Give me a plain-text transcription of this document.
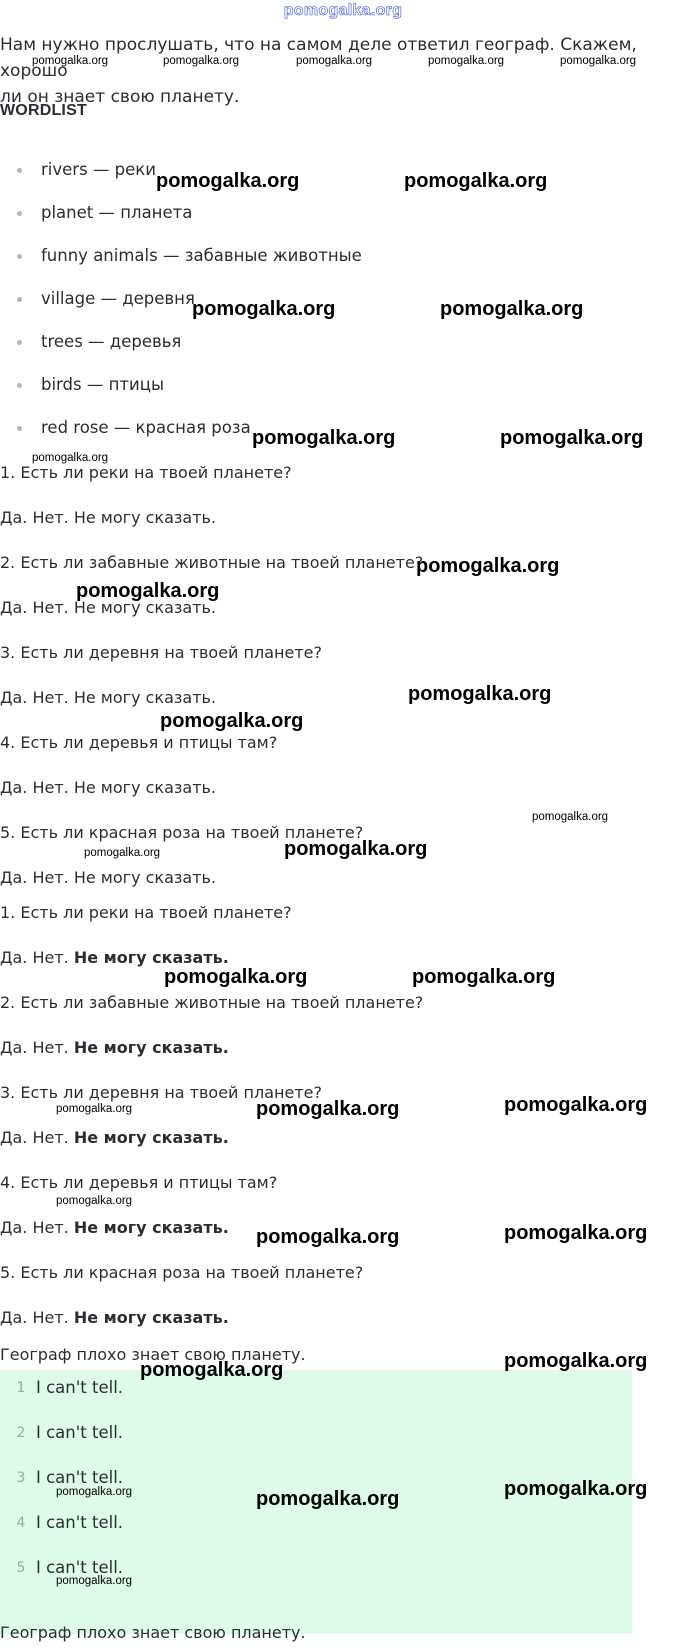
pomogalka.org
Нам нужно прослушать, что на самом деле ответил географ. Скажем, хорошо
ли он знает свою планету.
WORDLIST
rivers — реки
planet — планета
funny animals — забавные животные
village — деревня
trees — деревья
birds — птицы
red rose — красная роза
1. Есть ли реки на твоей планете?
Да. Нет. Не могу сказать.
2. Есть ли забавные животные на твоей планете?
Да. Нет. Не могу сказать.
3. Есть ли деревня на твоей планете?
Да. Нет. Не могу сказать.
4. Есть ли деревья и птицы там?
Да. Нет. Не могу сказать.
5. Есть ли красная роза на твоей планете?
Да. Нет. Не могу сказать.
1. Есть ли реки на твоей планете?
Да. Нет. Не могу сказать.
2. Есть ли забавные животные на твоей планете?
Да. Нет. Не могу сказать.
3. Есть ли деревня на твоей планете?
Да. Нет. Не могу сказать.
4. Есть ли деревья и птицы там?
Да. Нет. Не могу сказать.
5. Есть ли красная роза на твоей планете?
Да. Нет. Не могу сказать.
Географ плохо знает свою планету.
1 I can't tell.
2 I can't tell.
3 I can't tell.
4 I can't tell.
5 I can't tell.
Географ плохо знает свою планету.
pomogalka.org	pomogalka.org	pomogalka.org	pomogalka.org	pomogalka.org
pomogalka.org	pomogalka.org
pomogalka.org	pomogalka.org
pomogalka.org	pomogalka.org
pomogalka.org
pomogalka.org
pomogalka.org
pomogalka.org
pomogalka.org
pomogalka.org
pomogalka.org	pomogalka.org
pomogalka.org	pomogalka.org
pomogalka.org	pomogalka.org	pomogalka.org
pomogalka.org
pomogalka.org	pomogalka.org
pomogalka.org	pomogalka.org
pomogalka.org	pomogalka.org	pomogalka.org
pomogalka.org
